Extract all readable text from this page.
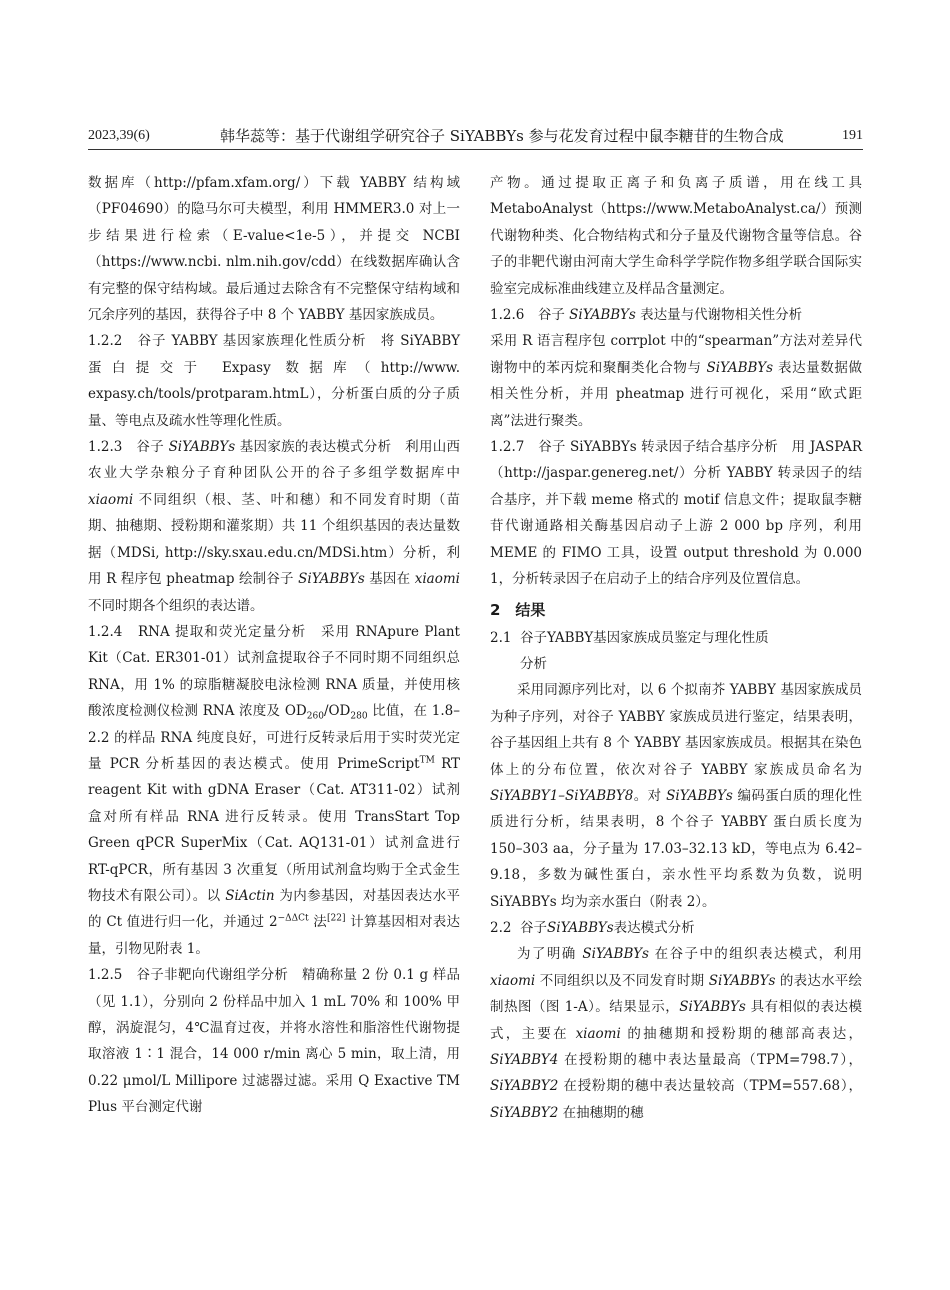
2023,39(6)	韩华蕊等：基于代谢组学研究谷子 SiYABBYs 参与花发育过程中鼠李糖苷的生物合成	191

数据库（http://pfam.xfam.org/）下载 YABBY 结构域（PF04690）的隐马尔可夫模型，利用 HMMER3.0 对上一步结果进行检索（E-value<1e-5），并提交 NCBI（https://www.ncbi. nlm.nih.gov/cdd）在线数据库确认含有完整的保守结构域。最后通过去除含有不完整保守结构域和冗余序列的基因，获得谷子中 8 个 YABBY 基因家族成员。

1.2.2　谷子 YABBY 基因家族理化性质分析　将 SiYABBY 蛋白提交于 Expasy 数据库（http://www. expasy.ch/tools/protparam.htmL），分析蛋白质的分子质量、等电点及疏水性等理化性质。

1.2.3　谷子 SiYABBYs 基因家族的表达模式分析　利用山西农业大学杂粮分子育种团队公开的谷子多组学数据库中 xiaomi 不同组织（根、茎、叶和穗）和不同发育时期（苗期、抽穗期、授粉期和灌浆期）共 11 个组织基因的表达量数据（MDSi, http://sky.sxau.edu.cn/MDSi.htm）分析，利用 R 程序包 pheatmap 绘制谷子 SiYABBYs 基因在 xiaomi 不同时期各个组织的表达谱。

1.2.4　RNA 提取和荧光定量分析　采用 RNApure Plant Kit（Cat. ER301-01）试剂盒提取谷子不同时期不同组织总 RNA，用 1% 的琼脂糖凝胶电泳检测 RNA 质量，并使用核酸浓度检测仪检测 RNA 浓度及 $OD_{260}/OD_{280}$ 比值，在 1.8–2.2 的样品 RNA 纯度良好，可进行反转录后用于实时荧光定量 PCR 分析基因的表达模式。使用 PrimeScript™ RT reagent Kit with gDNA Eraser（Cat. AT311-02）试剂盒对所有样品 RNA 进行反转录。使用 TransStart Top Green qPCR SuperMix（Cat. AQ131-01）试剂盒进行 RT-qPCR，所有基因 3 次重复（所用试剂盒均购于全式金生物技术有限公司）。以 SiActin 为内参基因，对基因表达水平的 Ct 值进行归一化，并通过 $2^{-\Delta\Delta Ct}$ 法[22] 计算基因相对表达量，引物见附表 1。

1.2.5　谷子非靶向代谢组学分析　精确称量 2 份 0.1 g 样品（见 1.1），分别向 2 份样品中加入 1 mL 70% 和 100% 甲醇，涡旋混匀，4℃温育过夜，并将水溶性和脂溶性代谢物提取溶液 1∶1 混合，14 000 r/min 离心 5 min，取上清，用 0.22 μmol/L Millipore 过滤器过滤。采用 Q Exactive TM Plus 平台测定代谢

产物。通过提取正离子和负离子质谱，用在线工具 MetaboAnalyst（https://www.MetaboAnalyst.ca/）预测代谢物种类、化合物结构式和分子量及代谢物含量等信息。谷子的非靶代谢由河南大学生命科学学院作物多组学联合国际实验室完成标准曲线建立及样品含量测定。

1.2.6　谷子 SiYABBYs 表达量与代谢物相关性分析

采用 R 语言程序包 corrplot 中的“spearman”方法对差异代谢物中的苯丙烷和聚酮类化合物与 SiYABBYs 表达量数据做相关性分析，并用 pheatmap 进行可视化，采用“欧式距离”法进行聚类。

1.2.7　谷子 SiYABBYs 转录因子结合基序分析　用 JASPAR（http://jaspar.genereg.net/）分析 YABBY 转录因子的结合基序，并下载 meme 格式的 motif 信息文件；提取鼠李糖苷代谢通路相关酶基因启动子上游 2 000 bp 序列，利用 MEME 的 FIMO 工具，设置 output threshold 为 0.000 1，分析转录因子在启动子上的结合序列及位置信息。

2　结果

2.1 谷子YABBY基因家族成员鉴定与理化性质

分析

采用同源序列比对，以 6 个拟南芥 YABBY 基因家族成员为种子序列，对谷子 YABBY 家族成员进行鉴定，结果表明，谷子基因组上共有 8 个 YABBY 基因家族成员。根据其在染色体上的分布位置，依次对谷子 YABBY 家族成员命名为 SiYABBY1–SiYABBY8。对 SiYABBYs 编码蛋白质的理化性质进行分析，结果表明，8 个谷子 YABBY 蛋白质长度为 150–303 aa，分子量为 17.03–32.13 kD，等电点为 6.42–9.18，多数为碱性蛋白，亲水性平均系数为负数，说明 SiYABBYs 均为亲水蛋白（附表 2）。

2.2 谷子SiYABBYs表达模式分析

为了明确 SiYABBYs 在谷子中的组织表达模式，利用 xiaomi 不同组织以及不同发育时期 SiYABBYs 的表达水平绘制热图（图 1-A）。结果显示，SiYABBYs 具有相似的表达模式，主要在 xiaomi 的抽穗期和授粉期的穗部高表达，SiYABBY4 在授粉期的穗中表达量最高（TPM=798.7），SiYABBY2 在授粉期的穗中表达量较高（TPM=557.68），SiYABBY2 在抽穗期的穗
